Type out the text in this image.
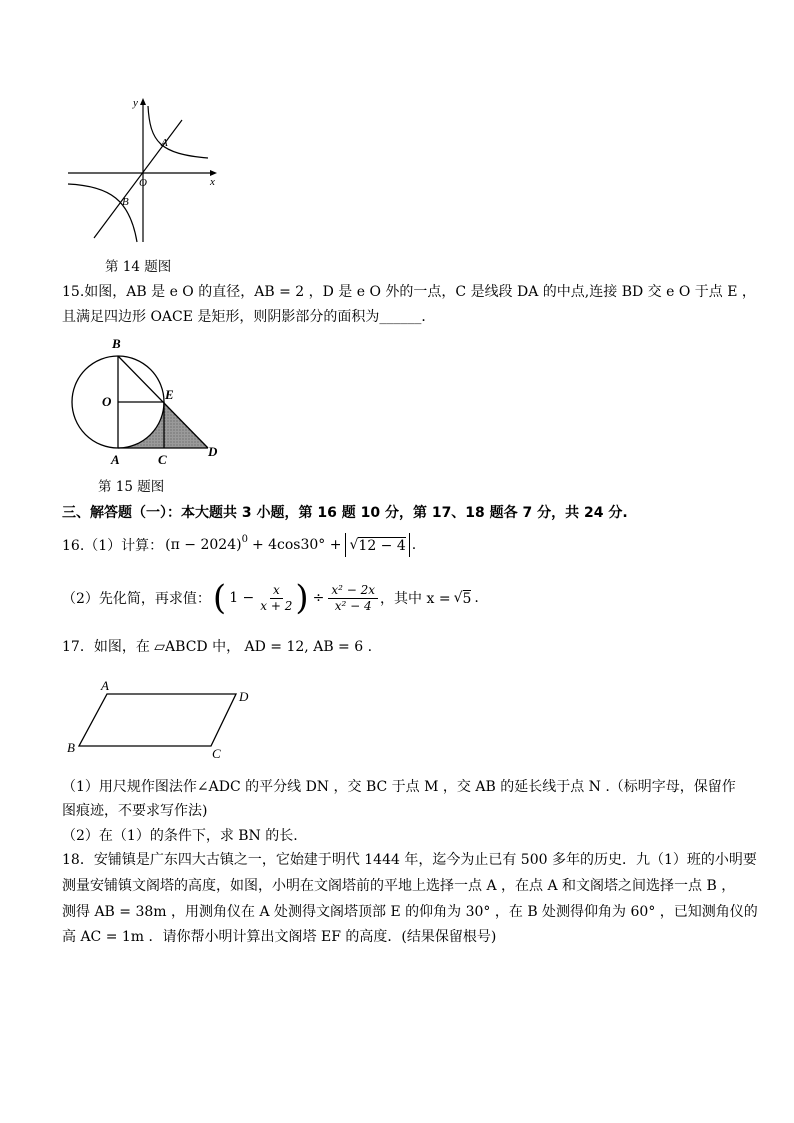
y
x
O
A
B
第 14 题图
15.如图，AB 是 e O 的直径，AB = 2 ，D 是 e O 外的一点，C 是线段 DA 的中点,连接 BD 交 e O 于点 E ，
且满足四边形 OACE 是矩形，则阴影部分的面积为______．
B
O	E
A	C
D
第 15 题图
三、解答题（一）：本大题共 3 小题，第 16 题 10 分，第 17、18 题各 7 分，共 24 分.
16.（1）计算： $(\pi - 2024)^0 + 4\cos 30^\circ$ + √ 12 − 4 .
（2）先化简，再求值： ( $1 - \frac{x}{x + 2}$ ) ÷ $\frac{\text{x² − 2x}}{\text{x² − 4}}$ ，其中 x = √ 5 .
17．如图，在 ▱ABCD 中， AD = 12, AB = 6 .
A
D
B	C
（1）用尺规作图法作∠ADC 的平分线 DN ，交 BC 于点 M ，交 AB 的延长线于点 N .（标明字母，保留作
图痕迹，不要求写作法)
（2）在（1）的条件下，求 BN 的长.
18．安铺镇是广东四大古镇之一，它始建于明代 1444 年，迄今为止已有 500 多年的历史．九（1）班的小明要
测量安铺镇文阁塔的高度，如图，小明在文阁塔前的平地上选择一点 A ，在点 A 和文阁塔之间选择一点 B ，
测得 AB = 38m ，用测角仪在 A 处测得文阁塔顶部 E 的仰角为 30° ，在 B 处测得仰角为 60° ，已知测角仪的
高 AC = 1m ．请你帮小明计算出文阁塔 EF 的高度．(结果保留根号)
